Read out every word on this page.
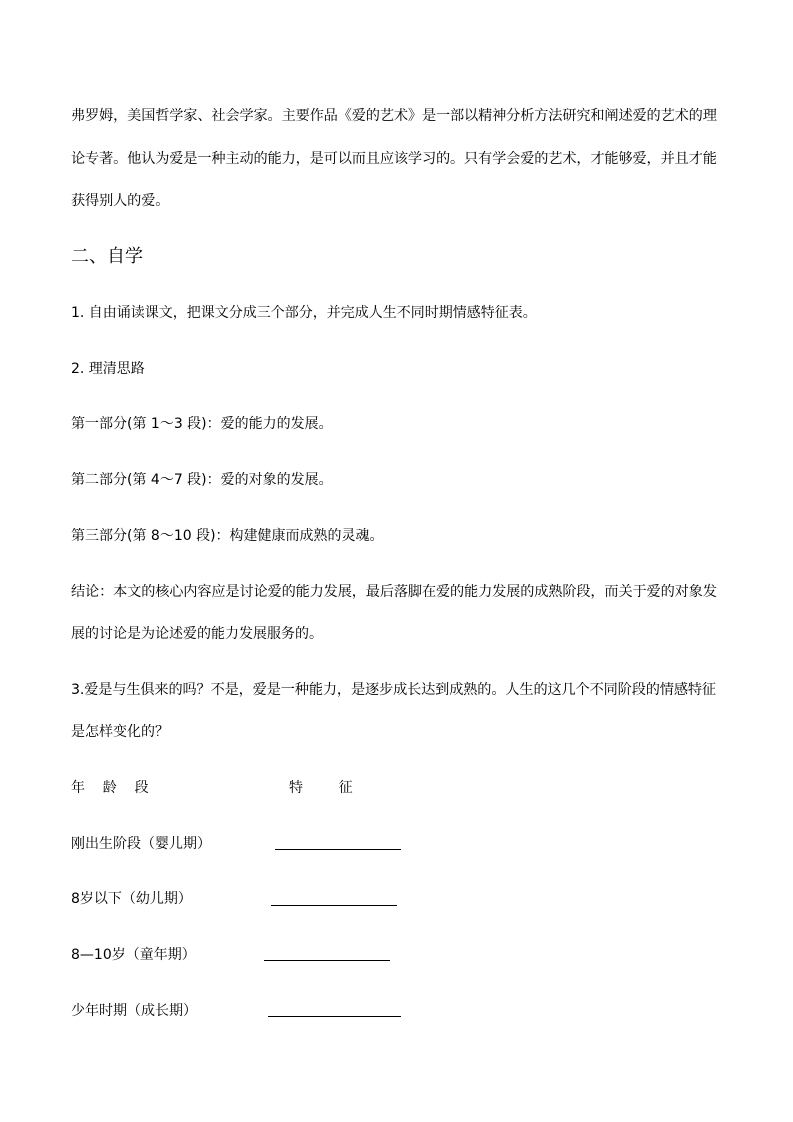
弗罗姆，美国哲学家、社会学家。主要作品《爱的艺术》是一部以精神分析方法研究和阐述爱的艺术的理
论专著。他认为爱是一种主动的能力，是可以而且应该学习的。只有学会爱的艺术，才能够爱，并且才能
获得别人的爱。
二、自学
1. 自由诵读课文，把课文分成三个部分，并完成人生不同时期情感特征表。
2. 理清思路
第一部分(第 1～3 段)：爱的能力的发展。
第二部分(第 4～7 段)：爱的对象的发展。
第三部分(第 8～10 段)：构建健康而成熟的灵魂。
结论：本文的核心内容应是讨论爱的能力发展，最后落脚在爱的能力发展的成熟阶段，而关于爱的对象发
展的讨论是为论述爱的能力发展服务的。
3.爱是与生俱来的吗？不是，爱是一种能力，是逐步成长达到成熟的。人生的这几个不同阶段的情感特征
是怎样变化的？
年    龄    段	特        征
刚出生阶段（婴儿期）
8岁以下（幼儿期）
8—10岁（童年期）
少年时期（成长期）
